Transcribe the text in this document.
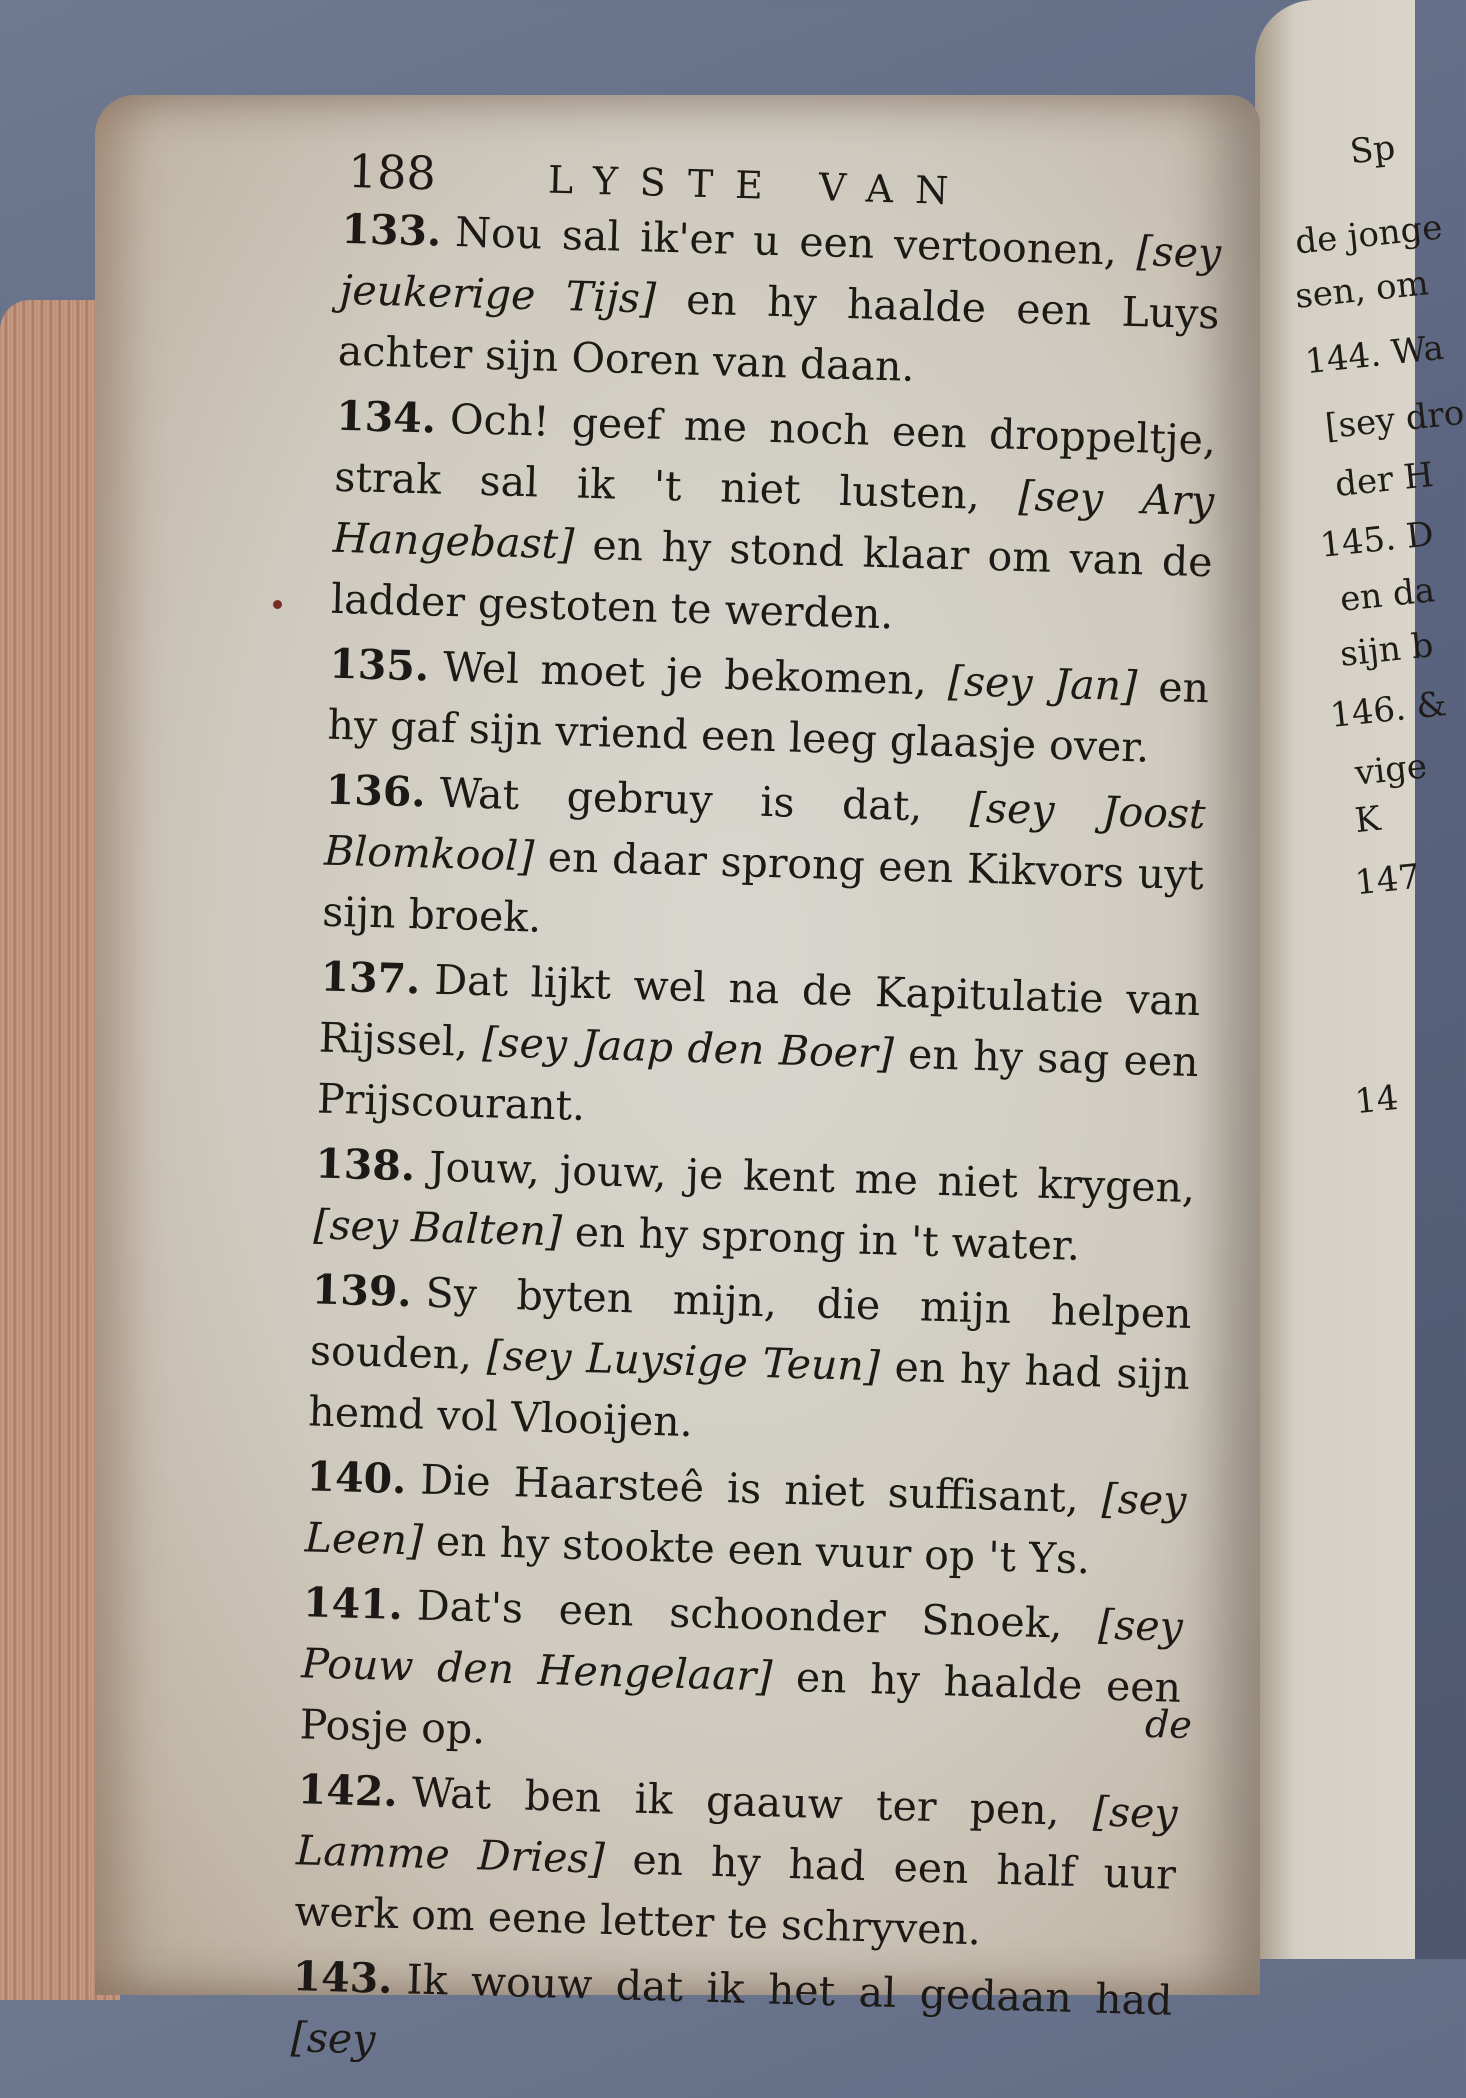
Sp
de jonge
sen, om
144. Wa
[sey dro
der H
145. D
en da
sijn b
146. &
vige
K
147
14
188	LYSTE VAN

133. Nou sal ik'er u een vertoonen, [sey jeukerige Tijs] en hy haalde een Luys achter sijn Ooren van daan.

134. Och! geef me noch een droppeltje, strak sal ik 't niet lusten, [sey Ary Hangebast] en hy stond klaar om van de ladder gestoten te werden.

135. Wel moet je bekomen, [sey Jan] en hy gaf sijn vriend een leeg glaasje over.

136. Wat gebruy is dat, [sey Joost Blomkool] en daar sprong een Kikvors uyt sijn broek.

137. Dat lijkt wel na de Kapitulatie van Rijssel, [sey Jaap den Boer] en hy sag een Prijscourant.

138. Jouw, jouw, je kent me niet krygen, [sey Balten] en hy sprong in 't water.

139. Sy byten mijn, die mijn helpen souden, [sey Luysige Teun] en hy had sijn hemd vol Vlooijen.

140. Die Haarsteê is niet suffisant, [sey Leen] en hy stookte een vuur op 't Ys.

141. Dat's een schoonder Snoek, [sey Pouw den Hengelaar] en hy haalde een Posje op.

142. Wat ben ik gaauw ter pen, [sey Lamme Dries] en hy had een half uur werk om eene letter te schryven.

143. Ik wouw dat ik het al gedaan had [sey

de
